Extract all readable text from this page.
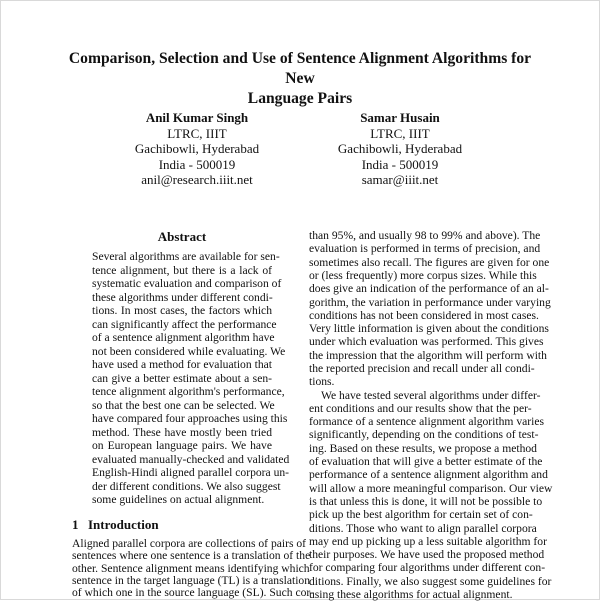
Comparison, Selection and Use of Sentence Alignment Algorithms for New
Language Pairs
Anil Kumar Singh
LTRC, IIIT
Gachibowli, Hyderabad
India - 500019
anil@research.iiit.net
Samar Husain
LTRC, IIIT
Gachibowli, Hyderabad
India - 500019
samar@iiit.net
Abstract
Several algorithms are available for sen-
tence alignment, but there is a lack of
systematic evaluation and comparison of
these algorithms under different condi-
tions. In most cases, the factors which
can significantly affect the performance
of a sentence alignment algorithm have
not been considered while evaluating. We
have used a method for evaluation that
can give a better estimate about a sen-
tence alignment algorithm's performance,
so that the best one can be selected. We
have compared four approaches using this
method. These have mostly been tried
on European language pairs. We have
evaluated manually-checked and validated
English-Hindi aligned parallel corpora un-
der different conditions. We also suggest
some guidelines on actual alignment.
1 Introduction
Aligned parallel corpora are collections of pairs of
sentences where one sentence is a translation of the
other. Sentence alignment means identifying which
sentence in the target language (TL) is a translation
of which one in the source language (SL). Such cor-
than 95%, and usually 98 to 99% and above). The
evaluation is performed in terms of precision, and
sometimes also recall. The figures are given for one
or (less frequently) more corpus sizes. While this
does give an indication of the performance of an al-
gorithm, the variation in performance under varying
conditions has not been considered in most cases.
Very little information is given about the conditions
under which evaluation was performed. This gives
the impression that the algorithm will perform with
the reported precision and recall under all condi-
tions.
We have tested several algorithms under differ-
ent conditions and our results show that the per-
formance of a sentence alignment algorithm varies
significantly, depending on the conditions of test-
ing. Based on these results, we propose a method
of evaluation that will give a better estimate of the
performance of a sentence alignment algorithm and
will allow a more meaningful comparison. Our view
is that unless this is done, it will not be possible to
pick up the best algorithm for certain set of con-
ditions. Those who want to align parallel corpora
may end up picking up a less suitable algorithm for
their purposes. We have used the proposed method
for comparing four algorithms under different con-
ditions. Finally, we also suggest some guidelines for
using these algorithms for actual alignment.
